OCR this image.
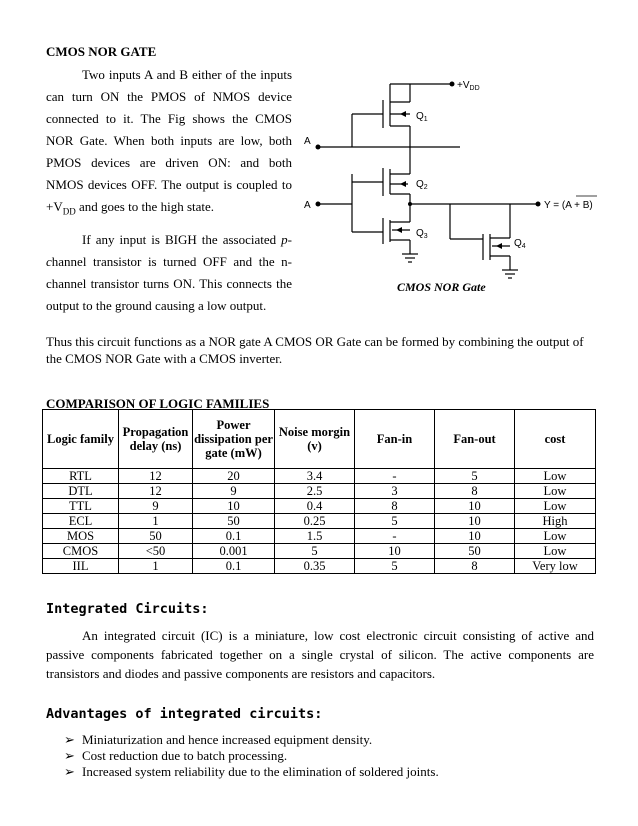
CMOS NOR GATE

Two inputs A and B either of the inputs can turn ON the PMOS of NMOS device connected to it. The Fig shows the CMOS NOR Gate. When both inputs are low, both PMOS devices are driven ON: and both NMOS devices OFF. The output is coupled to $+V_{DD}$ and goes to the high state.

If any input is BIGH the associated p-channel transistor is turned OFF and the n-channel transistor turns ON. This connects the output to the ground causing a low output.

$+V_{DD}$
A
A
$Q_1$
$Q_2$
$Q_3$
$Q_4$
Y = (A + B)
CMOS NOR Gate

Thus this circuit functions as a NOR gate A CMOS OR Gate can be formed by combining the output of the CMOS NOR Gate with a CMOS inverter.

COMPARISON OF LOGIC FAMILIES
Logic family	Propagation delay (ns)	Power dissipation per gate (mW)	Noise morgin (v)	Fan-in	Fan-out	cost
RTL	12	20	3.4	-	5	Low
DTL	12	9	2.5	3	8	Low
TTL	9	10	0.4	8	10	Low
ECL	1	50	0.25	5	10	High
MOS	50	0.1	1.5	-	10	Low
CMOS	<50	0.001	5	10	50	Low
IIL	1	0.1	0.35	5	8	Very low
Integrated Circuits:

An integrated circuit (IC) is a miniature, low cost electronic circuit consisting of active and passive components fabricated together on a single crystal of silicon. The active components are transistors and diodes and passive components are resistors and capacitors.

Advantages of integrated circuits:
➢ Miniaturization and hence increased equipment density.
➢ Cost reduction due to batch processing.
➢ Increased system reliability due to the elimination of soldered joints.
